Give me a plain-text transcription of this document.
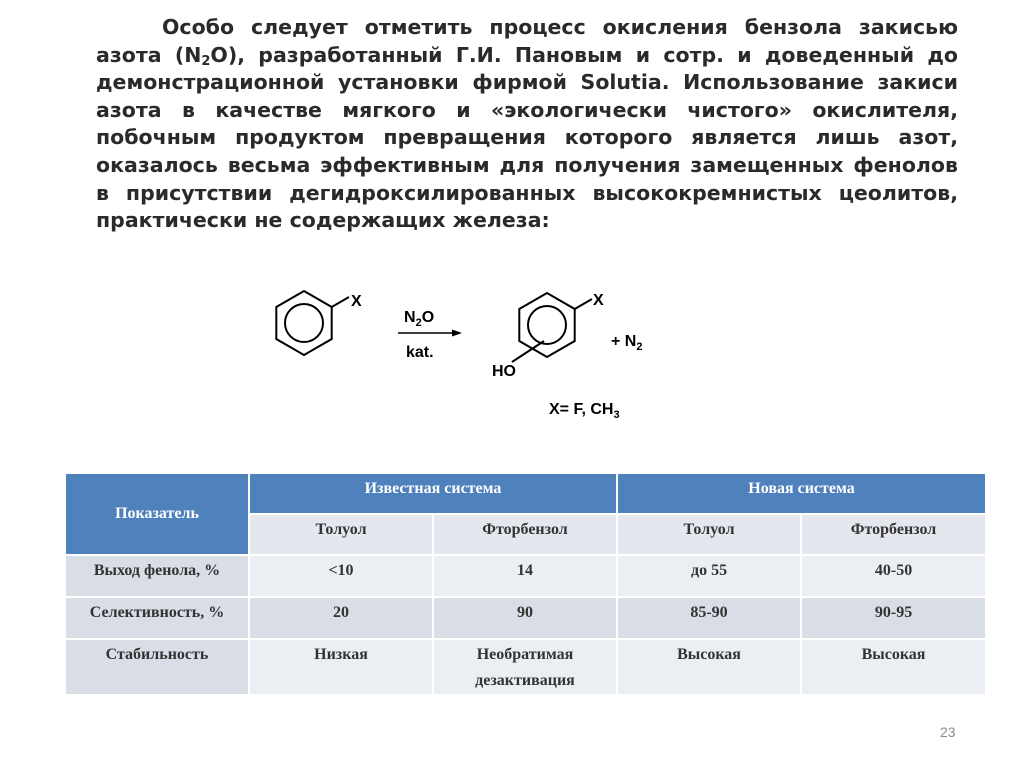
Особо следует отметить процесс окисления бензола закисью азота $(N_2O)$, разработанный Г.И. Пановым и сотр. и доведенный до демонстрационной установки фирмой Solutia. Использование закиси азота в качестве мягкого и «экологически чистого» окислителя, побочным продуктом превращения которого является лишь азот, оказалось весьма эффективным для получения замещенных фенолов в присутствии дегидроксилированных высококремнистых цеолитов, практически не содержащих железа:

X
$N_2O$
kat.
X
HO
+ $N_2$
X= F, $CH_3$
Показатель	Известная система		Новая система	
	Толуол	Фторбензол	Толуол	Фторбензол
Выход фенола, %	<10	14	до 55	40-50
Селективность, %	20	90	85-90	90-95
Стабильность	Низкая	Необратимая дезактивация	Высокая	Высокая
23
